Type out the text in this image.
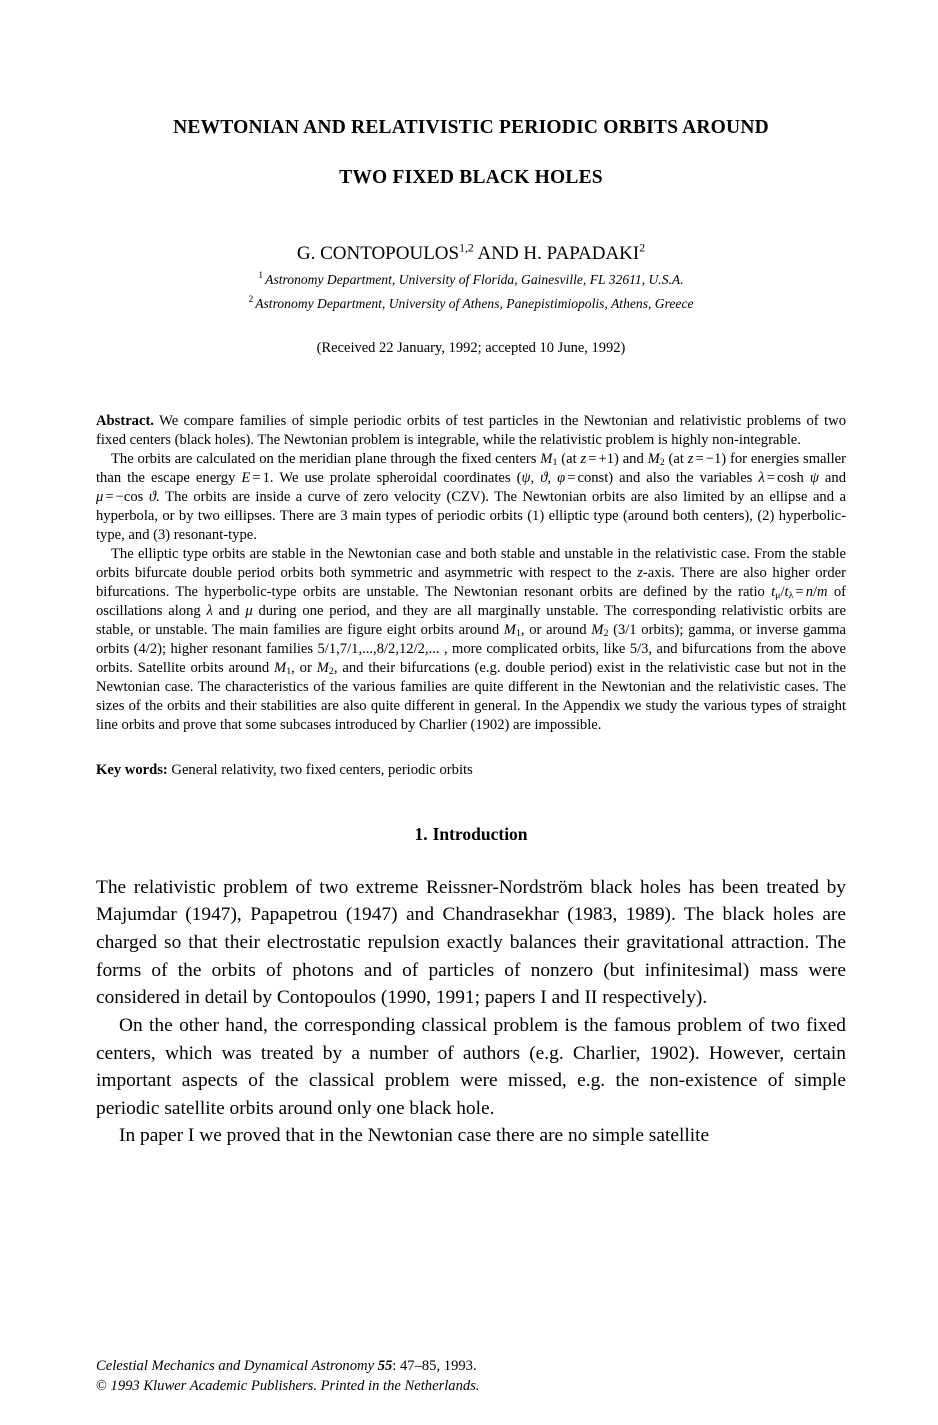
NEWTONIAN AND RELATIVISTIC PERIODIC ORBITS AROUND
TWO FIXED BLACK HOLES
G. CONTOPOULOS$^{1,2}$ AND H. PAPADAKI$^2$
$^1$ Astronomy Department, University of Florida, Gainesville, FL 32611, U.S.A.
$^2$ Astronomy Department, University of Athens, Panepistimiopolis, Athens, Greece
(Received 22 January, 1992; accepted 10 June, 1992)

Abstract. We compare families of simple periodic orbits of test particles in the Newtonian and relativistic problems of two fixed centers (black holes). The Newtonian problem is integrable, while the relativistic problem is highly non-integrable.

The orbits are calculated on the meridian plane through the fixed centers $M_1$ (at z = +1) and $M_2$ (at z = −1) for energies smaller than the escape energy E = 1. We use prolate spheroidal coordinates (ψ, ϑ, φ = const) and also the variables λ = cosh ψ and μ = −cos ϑ. The orbits are inside a curve of zero velocity (CZV). The Newtonian orbits are also limited by an ellipse and a hyperbola, or by two eillipses. There are 3 main types of periodic orbits (1) elliptic type (around both centers), (2) hyperbolic-type, and (3) resonant-type.

The elliptic type orbits are stable in the Newtonian case and both stable and unstable in the relativistic case. From the stable orbits bifurcate double period orbits both symmetric and asymmetric with respect to the z-axis. There are also higher order bifurcations. The hyperbolic-type orbits are unstable. The Newtonian resonant orbits are defined by the ratio $t_\mu/t_\lambda = n/m$ of oscillations along λ and μ during one period, and they are all marginally unstable. The corresponding relativistic orbits are stable, or unstable. The main families are figure eight orbits around $M_1$, or around $M_2$ (3/1 orbits); gamma, or inverse gamma orbits (4/2); higher resonant families 5/1,7/1,...,8/2,12/2,... , more complicated orbits, like 5/3, and bifurcations from the above orbits. Satellite orbits around $M_1$, or $M_2$, and their bifurcations (e.g. double period) exist in the relativistic case but not in the Newtonian case. The characteristics of the various families are quite different in the Newtonian and the relativistic cases. The sizes of the orbits and their stabilities are also quite different in general. In the Appendix we study the various types of straight line orbits and prove that some subcases introduced by Charlier (1902) are impossible.

Key words: General relativity, two fixed centers, periodic orbits
1. Introduction

The relativistic problem of two extreme Reissner-Nordström black holes has been treated by Majumdar (1947), Papapetrou (1947) and Chandrasekhar (1983, 1989). The black holes are charged so that their electrostatic repulsion exactly balances their gravitational attraction. The forms of the orbits of photons and of particles of nonzero (but infinitesimal) mass were considered in detail by Contopoulos (1990, 1991; papers I and II respectively).

On the other hand, the corresponding classical problem is the famous problem of two fixed centers, which was treated by a number of authors (e.g. Charlier, 1902). However, certain important aspects of the classical problem were missed, e.g. the non-existence of simple periodic satellite orbits around only one black hole.

In paper I we proved that in the Newtonian case there are no simple satellite

Celestial Mechanics and Dynamical Astronomy 55: 47–85, 1993.
© 1993 Kluwer Academic Publishers. Printed in the Netherlands.
